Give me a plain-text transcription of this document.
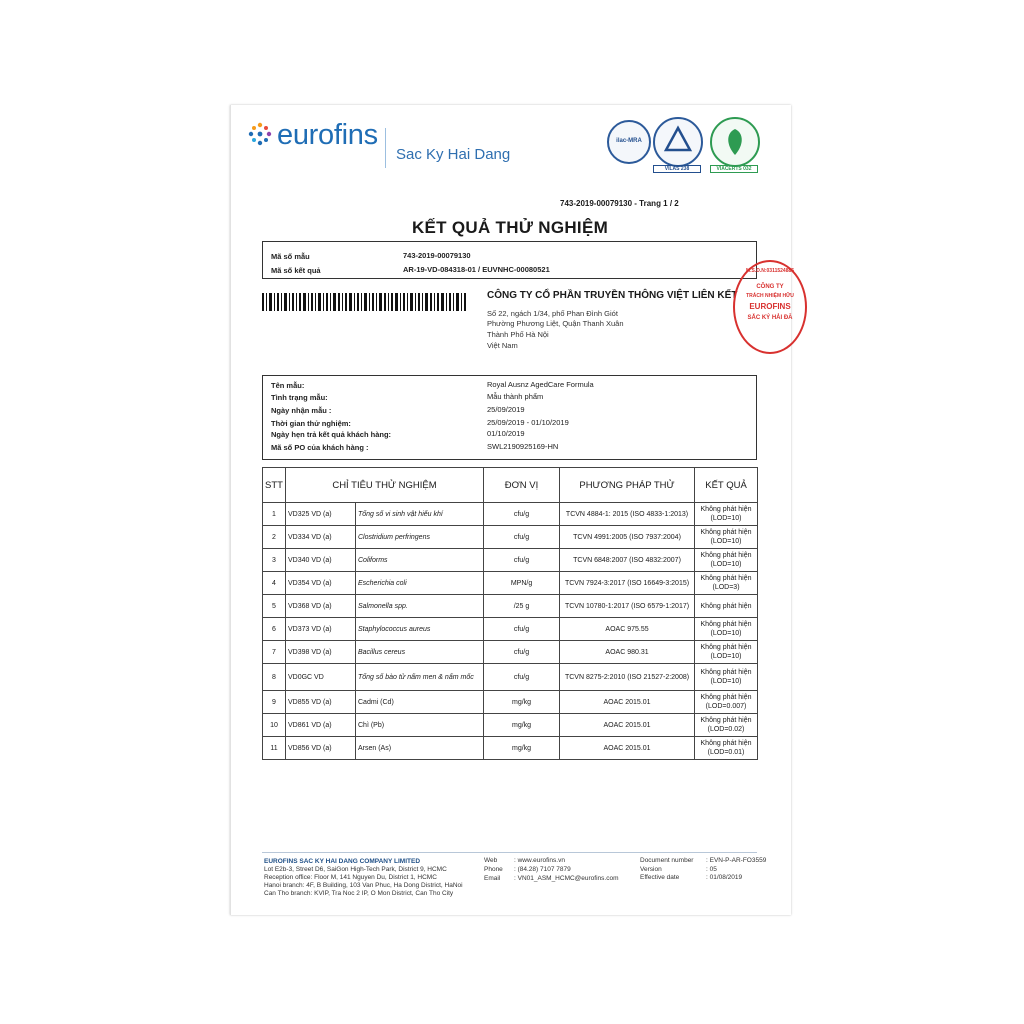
eurofins
Sac Ky Hai Dang
ilac-MRA
VILAS 238	VIACERTS 032
743-2019-00079130 - Trang 1 / 2
KẾT QUẢ THỬ NGHIỆM
Mã số mẫu	743-2019-00079130
Mã số kết quả	AR-19-VD-084318-01 / EUVNHC-00080521
CÔNG TY CỔ PHẦN TRUYỀN THÔNG VIỆT LIÊN KẾT
Số 22, ngách 1/34, phố Phan Đình Giót
Phường Phương Liệt, Quận Thanh Xuân
Thành Phố Hà Nội
Việt Nam
M.S.D.N:0311524885
CÔNG TY
TRÁCH NHIỆM HỮU
EUROFINS
SẮC KÝ HẢI ĐĂ
Tên mẫu:	Royal Ausnz AgedCare Formula
Tình trạng mẫu:	Mẫu thành phẩm
Ngày nhận mẫu :	25/09/2019
Thời gian thử nghiệm:	25/09/2019 - 01/10/2019
Ngày hẹn trả kết quả khách hàng:	01/10/2019
Mã số PO của khách hàng :	SWL2190925169-HN
STT	CHỈ TIÊU THỬ NGHIỆM		ĐƠN VỊ	PHƯƠNG PHÁP THỬ	KẾT QUẢ
1	VD325 VD (a)	Tổng số vi sinh vật hiếu khí	cfu/g	TCVN 4884-1: 2015 (ISO 4833-1:2013)	Không phát hiện
(LOD=10)

2	VD334 VD (a)	Clostridium perfringens	cfu/g	TCVN 4991:2005 (ISO 7937:2004)	Không phát hiện
(LOD=10)

3	VD340 VD (a)	Coliforms	cfu/g	TCVN 6848:2007 (ISO 4832:2007)	Không phát hiện
(LOD=10)

4	VD354 VD (a)	Escherichia coli	MPN/g	TCVN 7924-3:2017 (ISO 16649-3:2015)	Không phát hiện
(LOD=3)

5	VD368 VD (a)	Salmonella spp.	/25 g	TCVN 10780-1:2017 (ISO 6579-1:2017)	Không phát hiện

6	VD373 VD (a)	Staphylococcus aureus	cfu/g	AOAC 975.55	Không phát hiện
(LOD=10)

7	VD398 VD (a)	Bacillus cereus	cfu/g	AOAC 980.31	Không phát hiện
(LOD=10)

8	VD0GC VD	Tổng số bào tử nấm men & nấm mốc	cfu/g	TCVN 8275-2:2010 (ISO 21527-2:2008)	Không phát hiện
(LOD=10)

9	VD855 VD (a)	Cadmi (Cd)	mg/kg	AOAC 2015.01	Không phát hiện
(LOD=0.007)

10	VD861 VD (a)	Chì (Pb)	mg/kg	AOAC 2015.01	Không phát hiện
(LOD=0.02)

11	VD856 VD (a)	Arsen (As)	mg/kg	AOAC 2015.01	Không phát hiện
(LOD=0.01)
EUROFINS SAC KY HAI DANG COMPANY LIMITED
Lot E2b-3, Street D6, SaiGon High-Tech Park, District 9, HCMC
Reception office: Floor M, 141 Nguyen Du, District 1, HCMC
Hanoi branch: 4F, B Building, 103 Van Phuc, Ha Dong District, HaNoi
Can Tho branch: KVIP, Tra Noc 2 IP, O Mon District, Can Tho City
Web	: www.eurofins.vn
Phone : (84.28) 7107 7879
Email : VN01_ASM_HCMC@eurofins.com
Document number : EVN-P-AR-FO3559
Version	: 05
Effective date	: 01/08/2019
